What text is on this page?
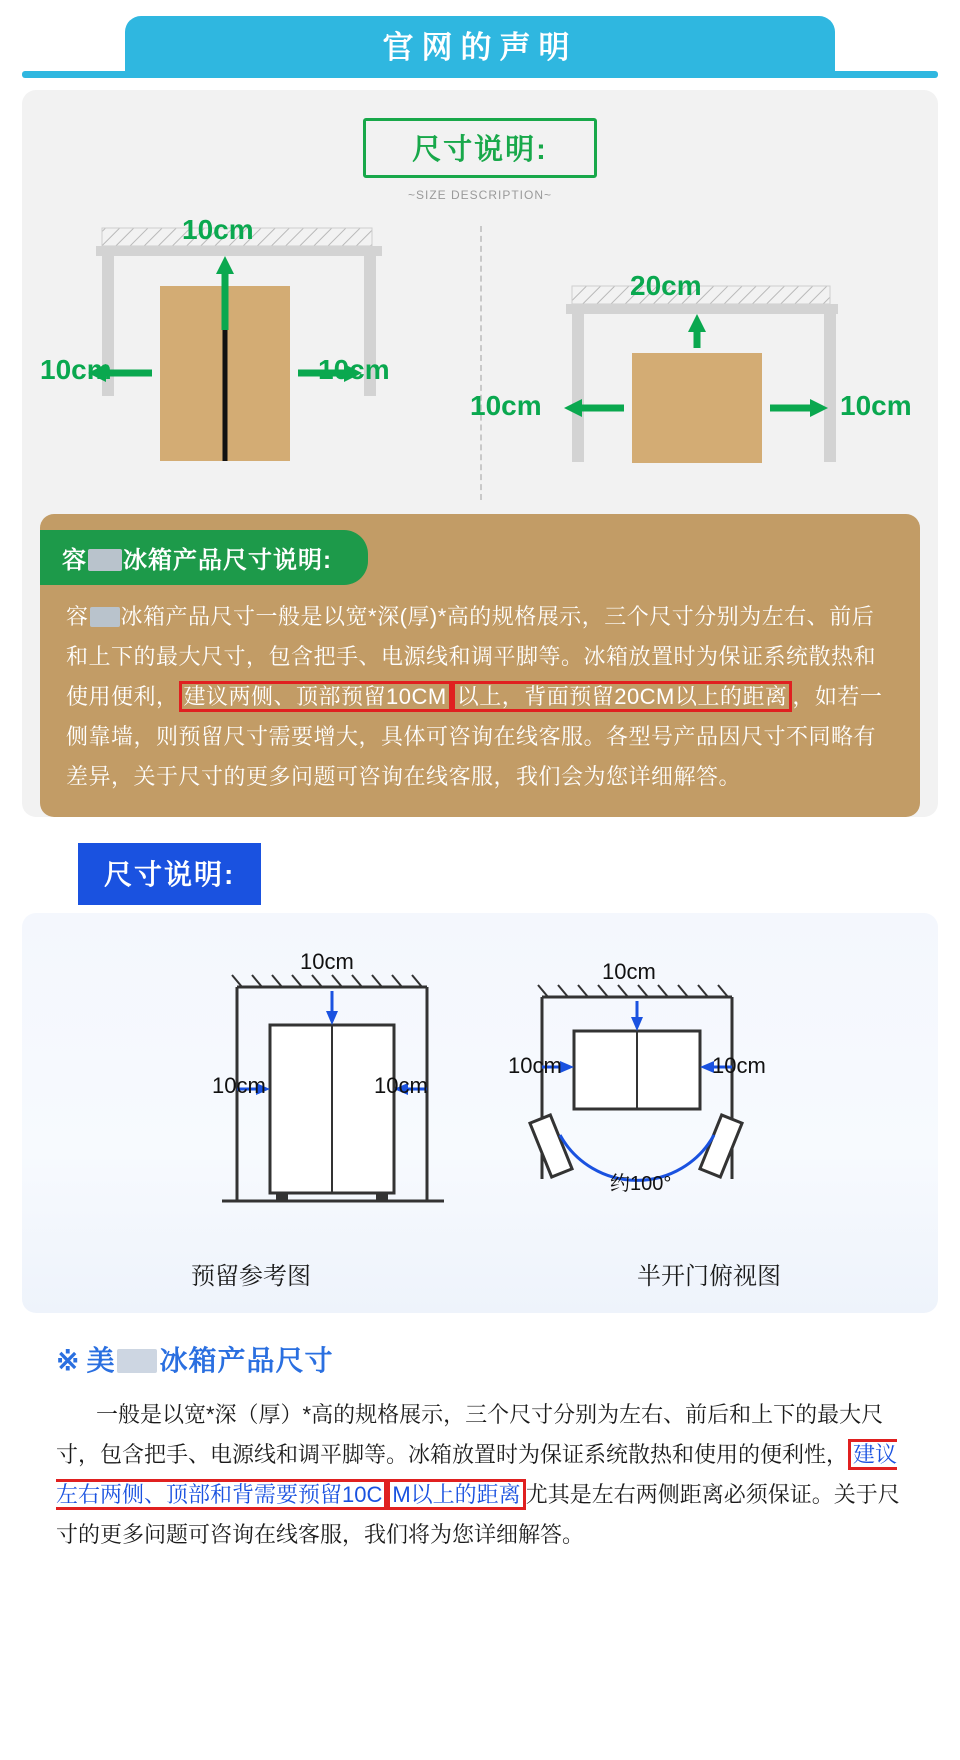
官网的声明
尺寸说明:
~SIZE DESCRIPTION~
10cm
10cm	10cm
20cm
10cm	10cm
容 冰箱产品尺寸说明:
容 冰箱产品尺寸一般是以宽*深(厚)*高的规格展示，三个尺寸分别为左右、前后和上下的最大尺寸，包含把手、电源线和调平脚等。冰箱放置时为保证系统散热和使用便利， 建议两侧、顶部预留10CM 以上，背面预留20CM以上的距离 ，如若一侧靠墙，则预留尺寸需要增大，具体可咨询在线客服。各型号产品因尺寸不同略有差异，关于尺寸的更多问题可咨询在线客服，我们会为您详细解答。
尺寸说明:
10cm
10cm	10cm
10cm
10cm	10cm
约100°
预留参考图	半开门俯视图
※ 美 冰箱产品尺寸
一般是以宽*深（厚）*高的规格展示，三个尺寸分别为左右、前后和上下的最大尺寸，包含把手、电源线和调平脚等。冰箱放置时为保证系统散热和使用的便利性， 建议左右两侧、顶部和背需要预留10C M以上的距离 尤其是左右两侧距离必须保证。关于尺寸的更多问题可咨询在线客服，我们将为您详细解答。
